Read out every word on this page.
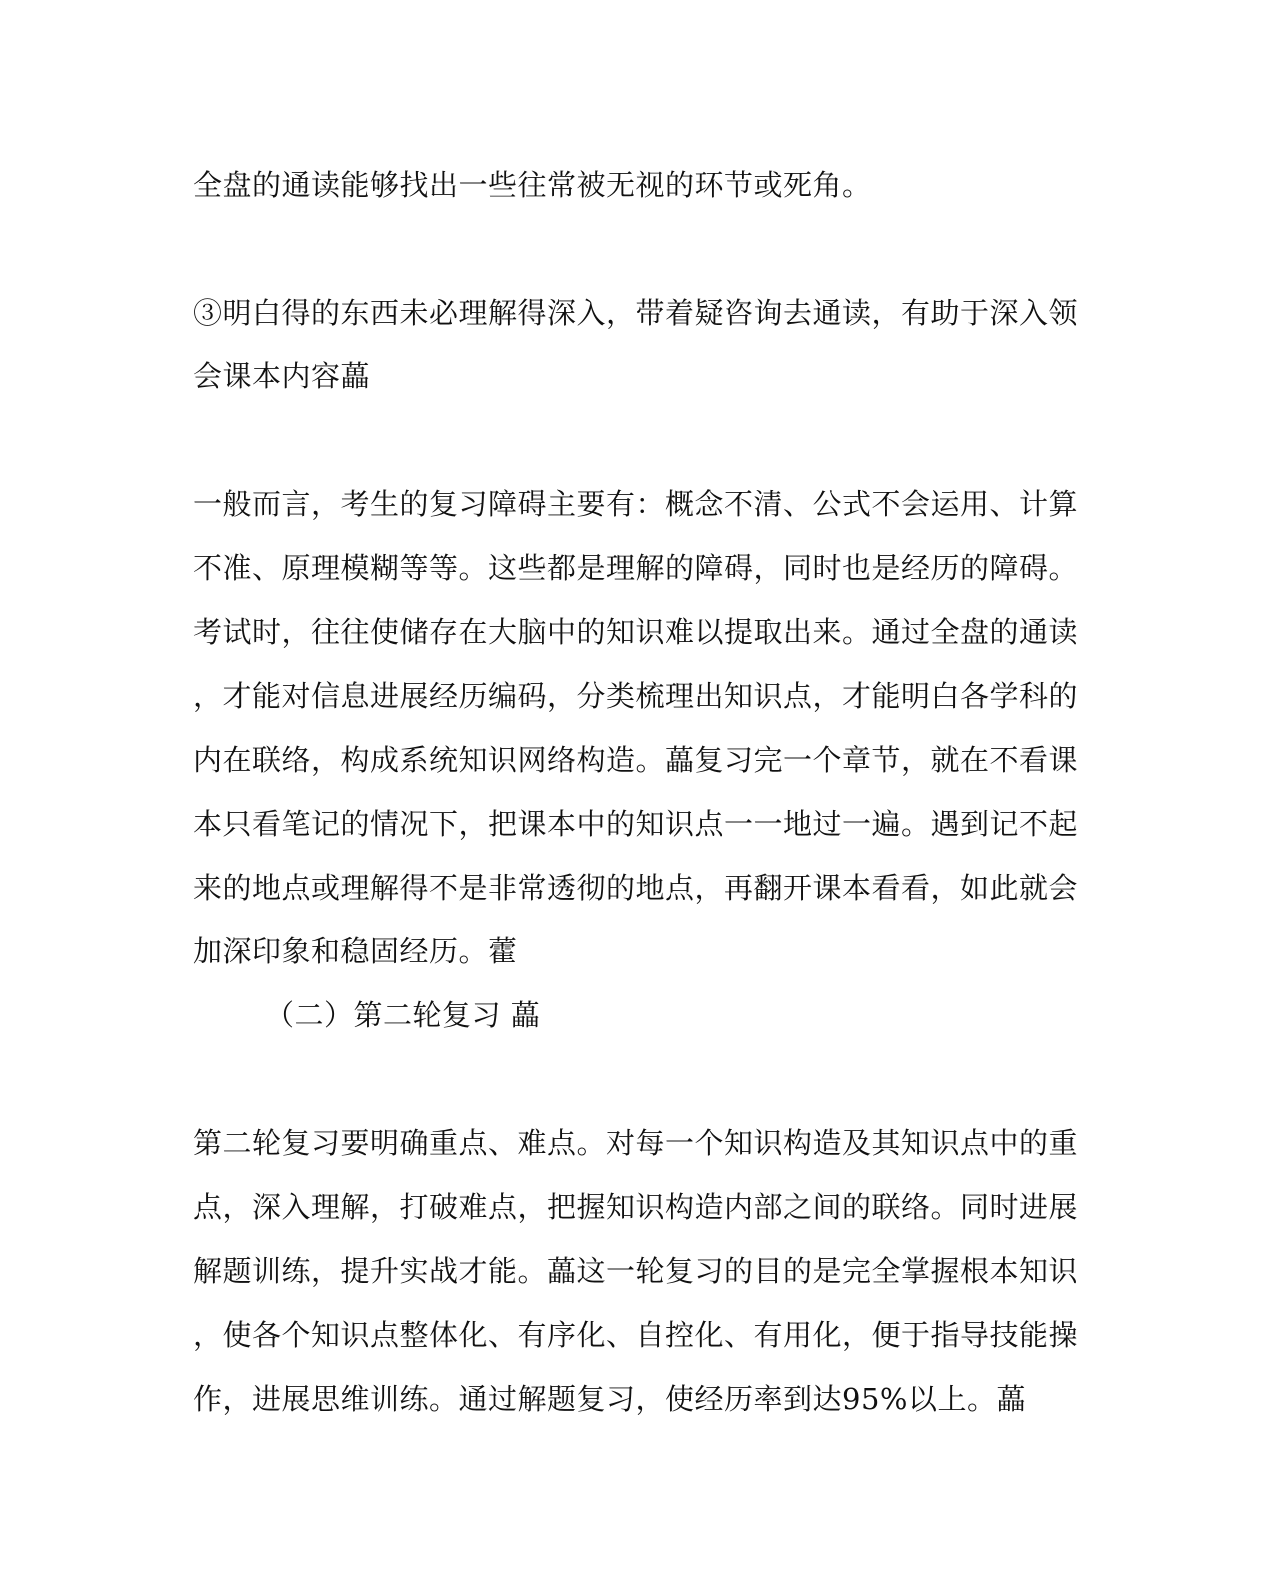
全盘的通读能够找出一些往常被无视的环节或死角。
③明白得的东西未必理解得深入，带着疑咨询去通读，有助于深入领
会课本内容藟
一般而言，考生的复习障碍主要有：概念不清、公式不会运用、计算
不准、原理模糊等等。这些都是理解的障碍，同时也是经历的障碍。
考试时，往往使储存在大脑中的知识难以提取出来。通过全盘的通读
，才能对信息进展经历编码，分类梳理出知识点，才能明白各学科的
内在联络，构成系统知识网络构造。藟复习完一个章节，就在不看课
本只看笔记的情况下，把课本中的知识点一一地过一遍。遇到记不起
来的地点或理解得不是非常透彻的地点，再翻开课本看看，如此就会
加深印象和稳固经历。藿
（二）第二轮复习 藟
第二轮复习要明确重点、难点。对每一个知识构造及其知识点中的重
点，深入理解，打破难点，把握知识构造内部之间的联络。同时进展
解题训练，提升实战才能。藟这一轮复习的目的是完全掌握根本知识
，使各个知识点整体化、有序化、自控化、有用化，便于指导技能操
作，进展思维训练。通过解题复习，使经历率到达95%以上。藟
